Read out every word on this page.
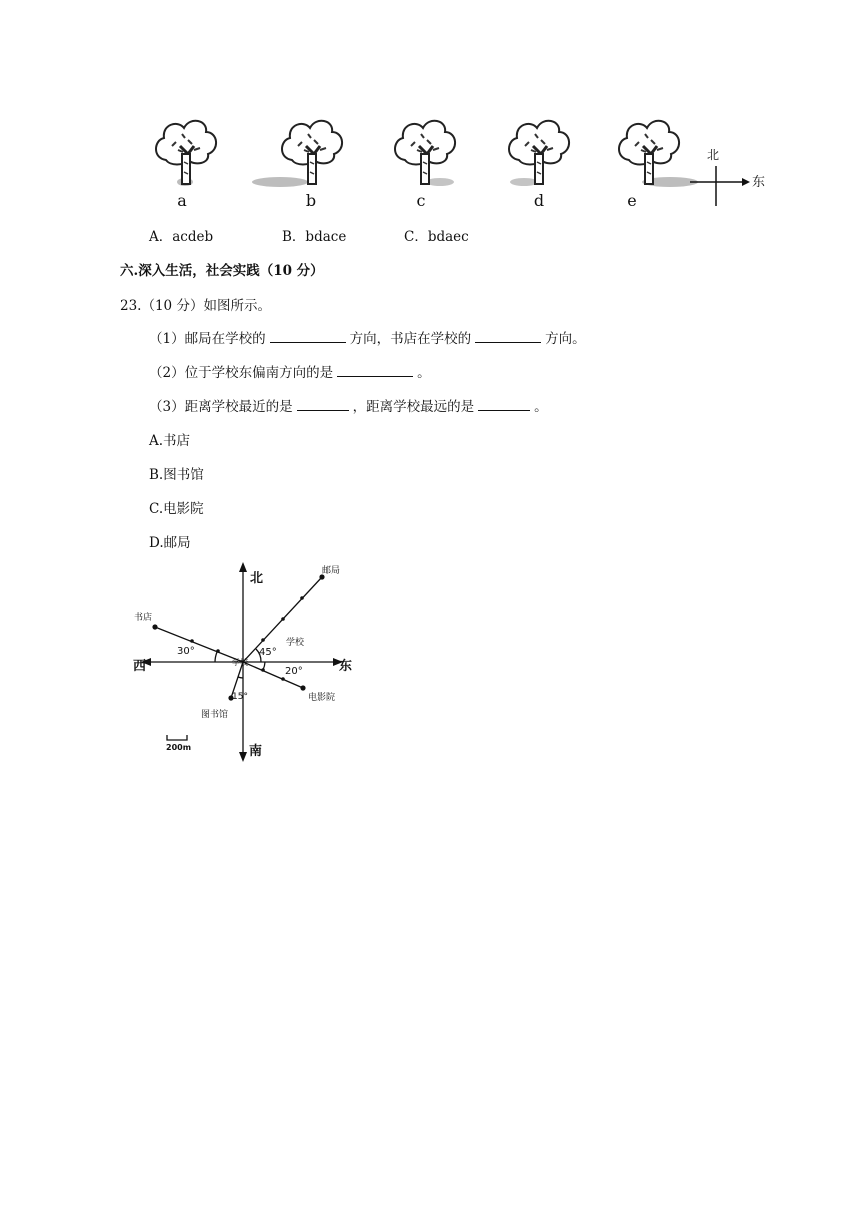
北
东
a	b	c	d	e
A．acdeb	B．bdace	C．bdaec
六.深入生活，社会实践（10 分）
23.（10 分）如图所示。
（1）邮局在学校的	方向，书店在学校的	方向。
（2）位于学校东偏南方向的是	。
（3）距离学校最近的是	，距离学校最远的是	。
A.书店
B.图书馆
C.电影院
D.邮局
北
南
西	东
邮局
书店
学校
学校
电影院
图书馆
30°	45°
20°
15°
200m
